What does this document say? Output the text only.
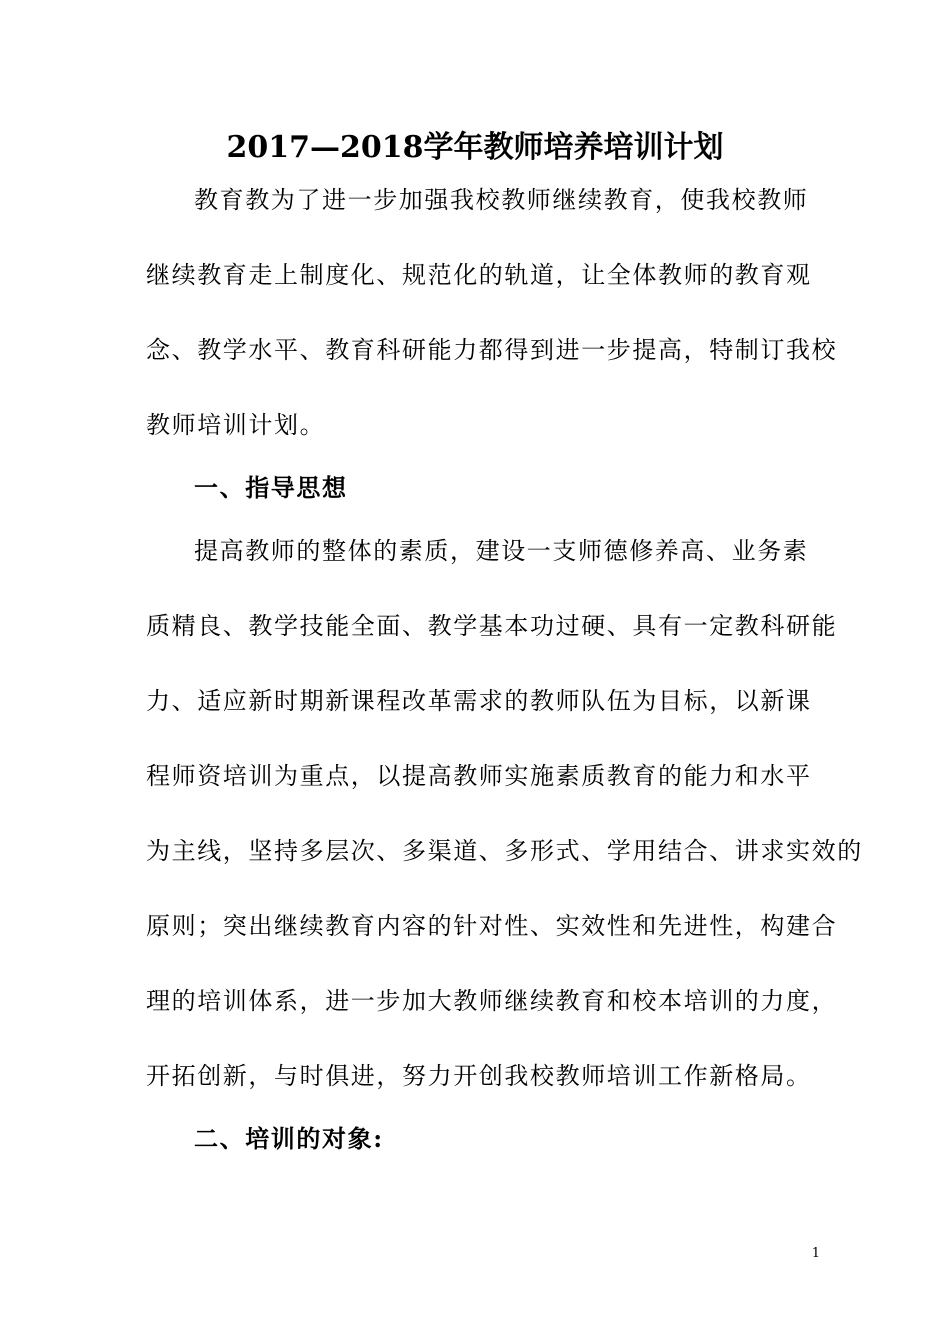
2017—2018学年教师培养培训计划
教育教为了进一步加强我校教师继续教育，使我校教师
继续教育走上制度化、规范化的轨道，让全体教师的教育观
念、教学水平、教育科研能力都得到进一步提高，特制订我校
教师培训计划。
一、指导思想
提高教师的整体的素质，建设一支师德修养高、业务素
质精良、教学技能全面、教学基本功过硬、具有一定教科研能
力、适应新时期新课程改革需求的教师队伍为目标，以新课
程师资培训为重点，以提高教师实施素质教育的能力和水平
为主线，坚持多层次、多渠道、多形式、学用结合、讲求实效的
原则；突出继续教育内容的针对性、实效性和先进性，构建合
理的培训体系，进一步加大教师继续教育和校本培训的力度，
开拓创新，与时俱进，努力开创我校教师培训工作新格局。
二、培训的对象:
1
